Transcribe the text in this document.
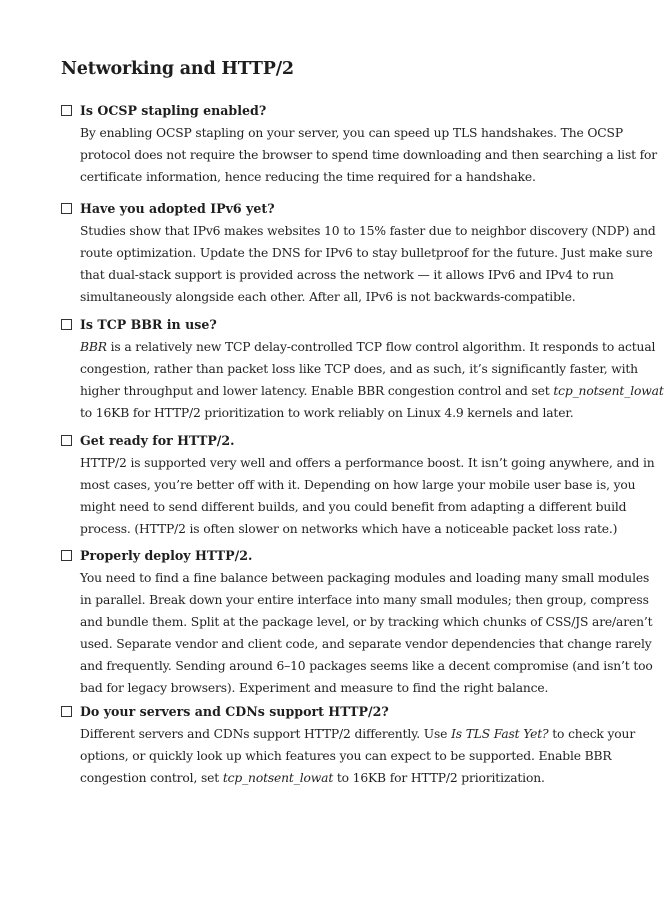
Networking and HTTP/2
Is OCSP stapling enabled?
By enabling OCSP stapling on your server, you can speed up TLS handshakes. The OCSP
protocol does not require the browser to spend time downloading and then searching a list for
certificate information, hence reducing the time required for a handshake.
Have you adopted IPv6 yet?
Studies show that IPv6 makes websites 10 to 15% faster due to neighbor discovery (NDP) and
route optimization. Update the DNS for IPv6 to stay bulletproof for the future. Just make sure
that dual-stack support is provided across the network — it allows IPv6 and IPv4 to run
simultaneously alongside each other. After all, IPv6 is not backwards-compatible.
Is TCP BBR in use?
BBR is a relatively new TCP delay-controlled TCP flow control algorithm. It responds to actual
congestion, rather than packet loss like TCP does, and as such, it’s significantly faster, with
higher throughput and lower latency. Enable BBR congestion control and set tcp_notsent_lowat
to 16KB for HTTP/2 prioritization to work reliably on Linux 4.9 kernels and later.
Get ready for HTTP/2.
HTTP/2 is supported very well and offers a performance boost. It isn’t going anywhere, and in
most cases, you’re better off with it. Depending on how large your mobile user base is, you
might need to send different builds, and you could benefit from adapting a different build
process. (HTTP/2 is often slower on networks which have a noticeable packet loss rate.)
Properly deploy HTTP/2.
You need to find a fine balance between packaging modules and loading many small modules
in parallel. Break down your entire interface into many small modules; then group, compress
and bundle them. Split at the package level, or by tracking which chunks of CSS/JS are/aren’t
used. Separate vendor and client code, and separate vendor dependencies that change rarely
and frequently. Sending around 6–10 packages seems like a decent compromise (and isn’t too
bad for legacy browsers). Experiment and measure to find the right balance.
Do your servers and CDNs support HTTP/2?
Different servers and CDNs support HTTP/2 differently. Use Is TLS Fast Yet? to check your
options, or quickly look up which features you can expect to be supported. Enable BBR
congestion control, set tcp_notsent_lowat to 16KB for HTTP/2 prioritization.
